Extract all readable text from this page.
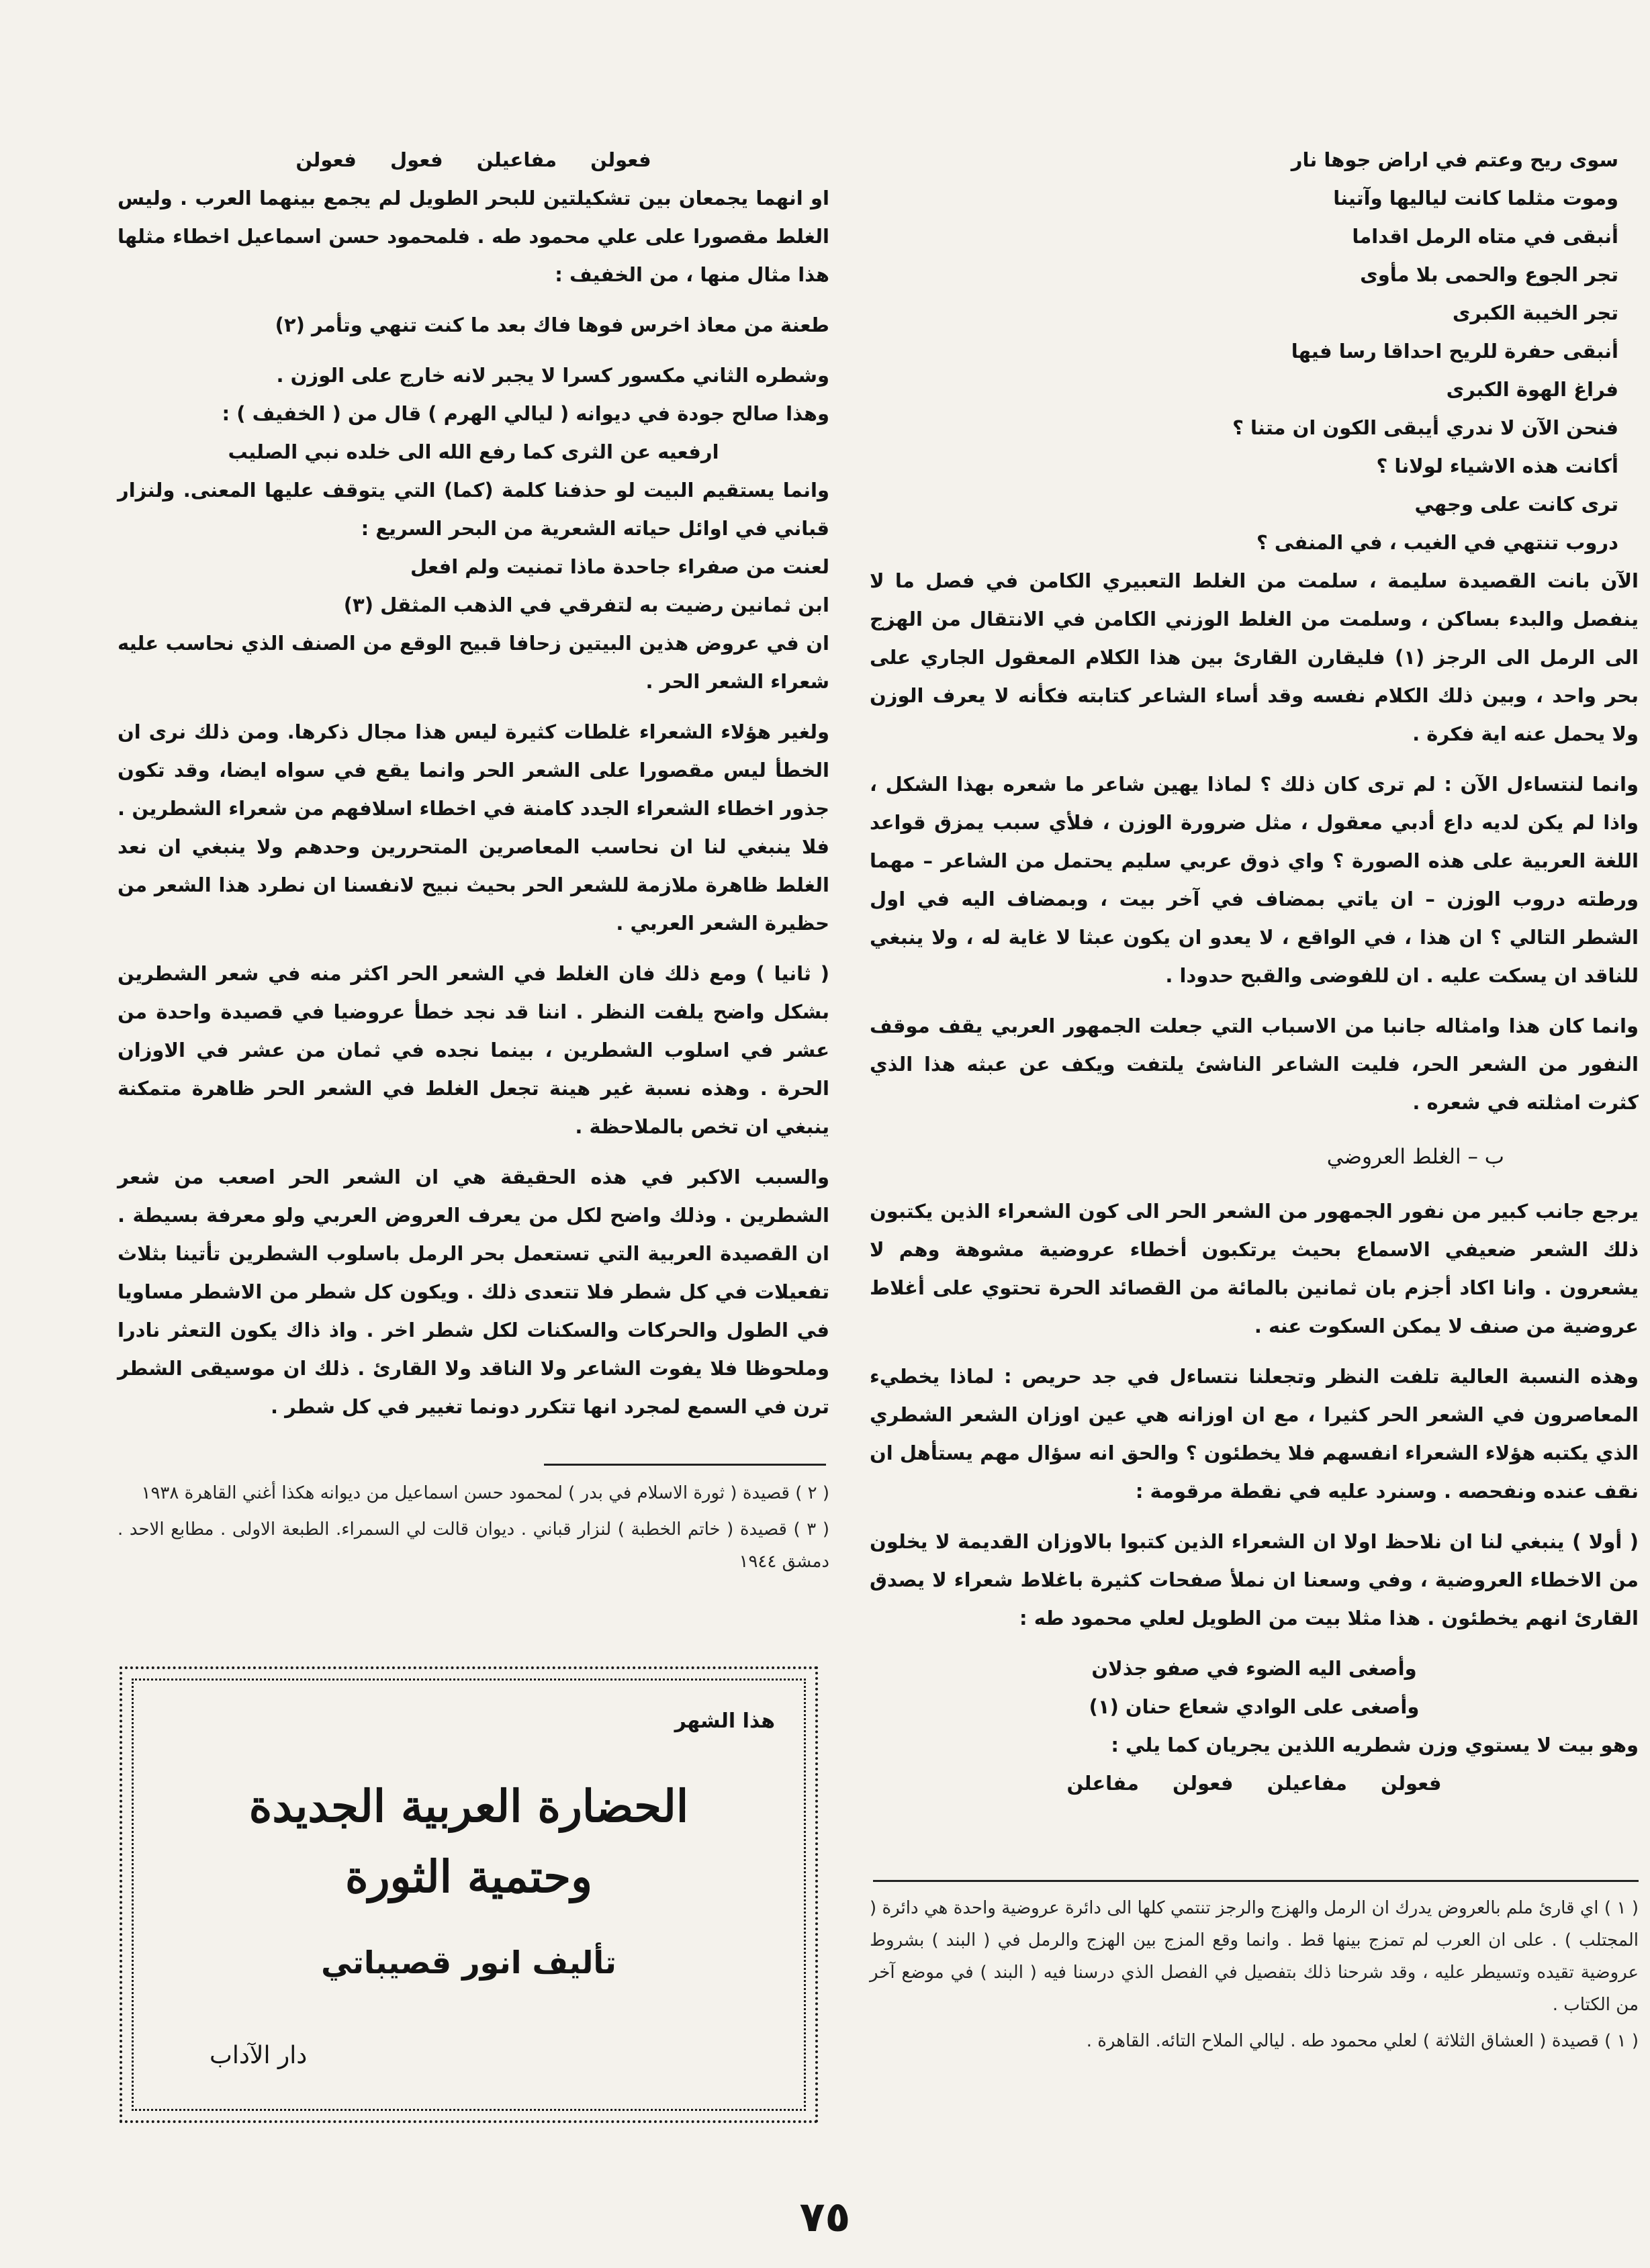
سوى ريح وعتم في اراض جوها نار

وموت مثلما كانت لياليها وآتينا

أنبقى في متاه الرمل اقداما

تجر الجوع والحمى بلا مأوى

تجر الخيبة الكبرى

أنبقى حفرة للريح احداقا رسا فيها

فراغ الهوة الكبرى

فنحن الآن لا ندري أيبقى الكون ان متنا ؟

أكانت هذه الاشياء لولانا ؟

ترى كانت على وجهي

دروب تنتهي في الغيب ، في المنفى ؟

الآن بانت القصيدة سليمة ، سلمت من الغلط التعبيري الكامن في فصل ما لا ينفصل والبدء بساكن ، وسلمت من الغلط الوزني الكامن في الانتقال من الهزج الى الرمل الى الرجز (١) فليقارن القارئ بين هذا الكلام المعقول الجاري على بحر واحد ، وبين ذلك الكلام نفسه وقد أساء الشاعر كتابته فكأنه لا يعرف الوزن ولا يحمل عنه اية فكرة .

وانما لنتساءل الآن : لم ترى كان ذلك ؟ لماذا يهين شاعر ما شعره بهذا الشكل ، واذا لم يكن لديه داع أدبي معقول ، مثل ضرورة الوزن ، فلأي سبب يمزق قواعد اللغة العربية على هذه الصورة ؟ واي ذوق عربي سليم يحتمل من الشاعر – مهما ورطته دروب الوزن – ان ياتي بمضاف في آخر بيت ، وبمضاف اليه في اول الشطر التالي ؟ ان هذا ، في الواقع ، لا يعدو ان يكون عبثا لا غاية له ، ولا ينبغي للناقد ان يسكت عليه . ان للفوضى والقبح حدودا .

وانما كان هذا وامثاله جانبا من الاسباب التي جعلت الجمهور العربي يقف موقف النفور من الشعر الحر، فليت الشاعر الناشئ يلتفت ويكف عن عبثه هذا الذي كثرت امثلته في شعره .

ب – الغلط العروضي

يرجع جانب كبير من نفور الجمهور من الشعر الحر الى كون الشعراء الذين يكتبون ذلك الشعر ضعيفي الاسماع بحيث يرتكبون أخطاء عروضية مشوهة وهم لا يشعرون . وانا اكاد أجزم بان ثمانين بالمائة من القصائد الحرة تحتوي على أغلاط عروضية من صنف لا يمكن السكوت عنه .

وهذه النسبة العالية تلفت النظر وتجعلنا نتساءل في جد حريص : لماذا يخطيء المعاصرون في الشعر الحر كثيرا ، مع ان اوزانه هي عين اوزان الشعر الشطري الذي يكتبه هؤلاء الشعراء انفسهم فلا يخطئون ؟ والحق انه سؤال مهم يستأهل ان نقف عنده ونفحصه . وسنرد عليه في نقطة مرقومة :

( أولا ) ينبغي لنا ان نلاحظ اولا ان الشعراء الذين كتبوا بالاوزان القديمة لا يخلون من الاخطاء العروضية ، وفي وسعنا ان نملأ صفحات كثيرة باغلاط شعراء لا يصدق القارئ انهم يخطئون . هذا مثلا بيت من الطويل لعلي محمود طه :

وأصغى اليه الضوء في صفو جذلان

وأصغى على الوادي شعاع حنان (١)

وهو بيت لا يستوي وزن شطريه اللذين يجريان كما يلي :

فعولن مفاعيلن فعولن مفاعلن

فعولن مفاعيلن فعول فعولن

او انهما يجمعان بين تشكيلتين للبحر الطويل لم يجمع بينهما العرب . وليس الغلط مقصورا على علي محمود طه . فلمحمود حسن اسماعيل اخطاء مثلها هذا مثال منها ، من الخفيف :

طعنة من معاذ اخرس فوها فاك بعد ما كنت تنهي وتأمر (٢)

وشطره الثاني مكسور كسرا لا يجبر لانه خارج على الوزن .

وهذا صالح جودة في ديوانه ( ليالي الهرم ) قال من ( الخفيف ) :

ارفعيه عن الثرى كما رفع الله الى خلده نبي الصليب

وانما يستقيم البيت لو حذفنا كلمة (كما) التي يتوقف عليها المعنى. ولنزار قباني في اوائل حياته الشعرية من البحر السريع :

لعنت من صفراء جاحدة ماذا تمنيت ولم افعل

ابن ثمانين رضيت به لتفرقي في الذهب المثقل (٣)

ان في عروض هذين البيتين زحافا قبيح الوقع من الصنف الذي نحاسب عليه شعراء الشعر الحر .

ولغير هؤلاء الشعراء غلطات كثيرة ليس هذا مجال ذكرها. ومن ذلك نرى ان الخطأ ليس مقصورا على الشعر الحر وانما يقع في سواه ايضا، وقد تكون جذور اخطاء الشعراء الجدد كامنة في اخطاء اسلافهم من شعراء الشطرين . فلا ينبغي لنا ان نحاسب المعاصرين المتحررين وحدهم ولا ينبغي ان نعد الغلط ظاهرة ملازمة للشعر الحر بحيث نبيح لانفسنا ان نطرد هذا الشعر من حظيرة الشعر العربي .

( ثانيا ) ومع ذلك فان الغلط في الشعر الحر اكثر منه في شعر الشطرين بشكل واضح يلفت النظر . اننا قد نجد خطأ عروضيا في قصيدة واحدة من عشر في اسلوب الشطرين ، بينما نجده في ثمان من عشر في الاوزان الحرة . وهذه نسبة غير هينة تجعل الغلط في الشعر الحر ظاهرة متمكنة ينبغي ان تخص بالملاحظة .

والسبب الاكبر في هذه الحقيقة هي ان الشعر الحر اصعب من شعر الشطرين . وذلك واضح لكل من يعرف العروض العربي ولو معرفة بسيطة . ان القصيدة العربية التي تستعمل بحر الرمل باسلوب الشطرين تأتينا بثلاث تفعيلات في كل شطر فلا تتعدى ذلك . ويكون كل شطر من الاشطر مساويا في الطول والحركات والسكنات لكل شطر اخر . واذ ذاك يكون التعثر نادرا وملحوظا فلا يفوت الشاعر ولا الناقد ولا القارئ . ذلك ان موسيقى الشطر ترن في السمع لمجرد انها تتكرر دونما تغيير في كل شطر .

( ٢ ) قصيدة ( ثورة الاسلام في بدر ) لمحمود حسن اسماعيل من ديوانه هكذا أغني القاهرة ١٩٣٨

( ٣ ) قصيدة ( خاتم الخطبة ) لنزار قباني . ديوان قالت لي السمراء. الطبعة الاولى . مطابع الاحد . دمشق ١٩٤٤

( ١ ) اي قارئ ملم بالعروض يدرك ان الرمل والهزج والرجز تنتمي كلها الى دائرة عروضية واحدة هي دائرة ( المجتلب ) . على ان العرب لم تمزج بينها قط . وانما وقع المزج بين الهزج والرمل في ( البند ) بشروط عروضية تقيده وتسيطر عليه ، وقد شرحنا ذلك بتفصيل في الفصل الذي درسنا فيه ( البند ) في موضع آخر من الكتاب .

( ١ ) قصيدة ( العشاق الثلاثة ) لعلي محمود طه . ليالي الملاح التائه. القاهرة .

هذا الشهر
الحضارة العربية الجديدة
وحتمية الثورة
تأليف انور قصيباتي
دار الآداب
٧٥
